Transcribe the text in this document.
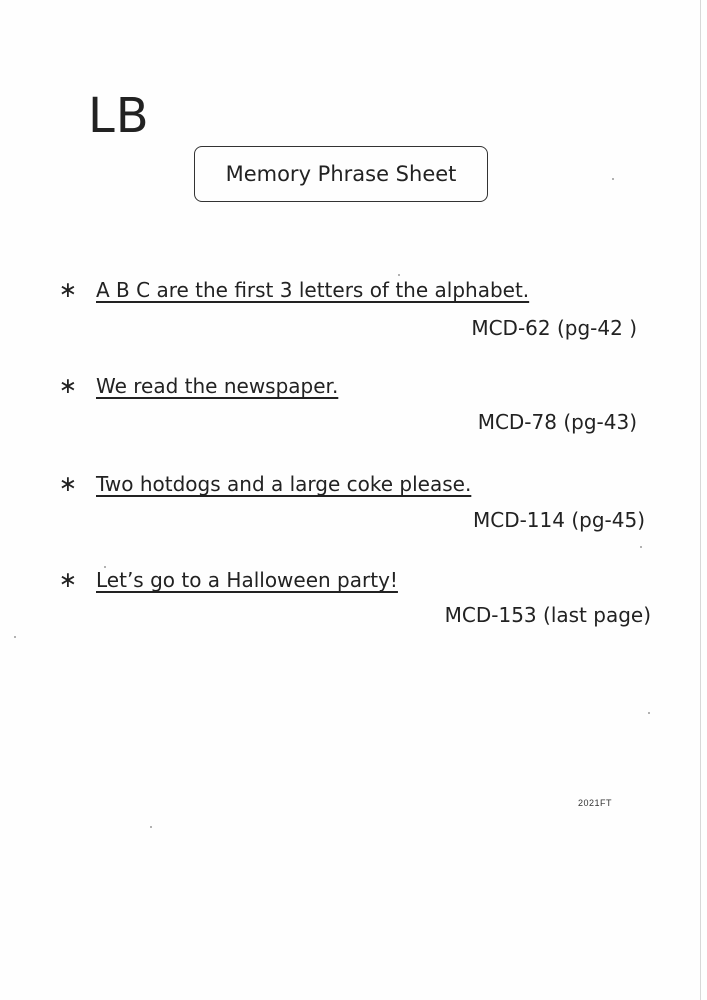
LB
Memory Phrase Sheet
∗ A B C are the first 3 letters of the alphabet.
MCD-62 (pg-42 )
∗ We read the newspaper.
MCD-78 (pg-43)
∗ Two hotdogs and a large coke please.
MCD-114 (pg-45)
∗ Let’s go to a Halloween party!
MCD-153 (last page)
2021FT
